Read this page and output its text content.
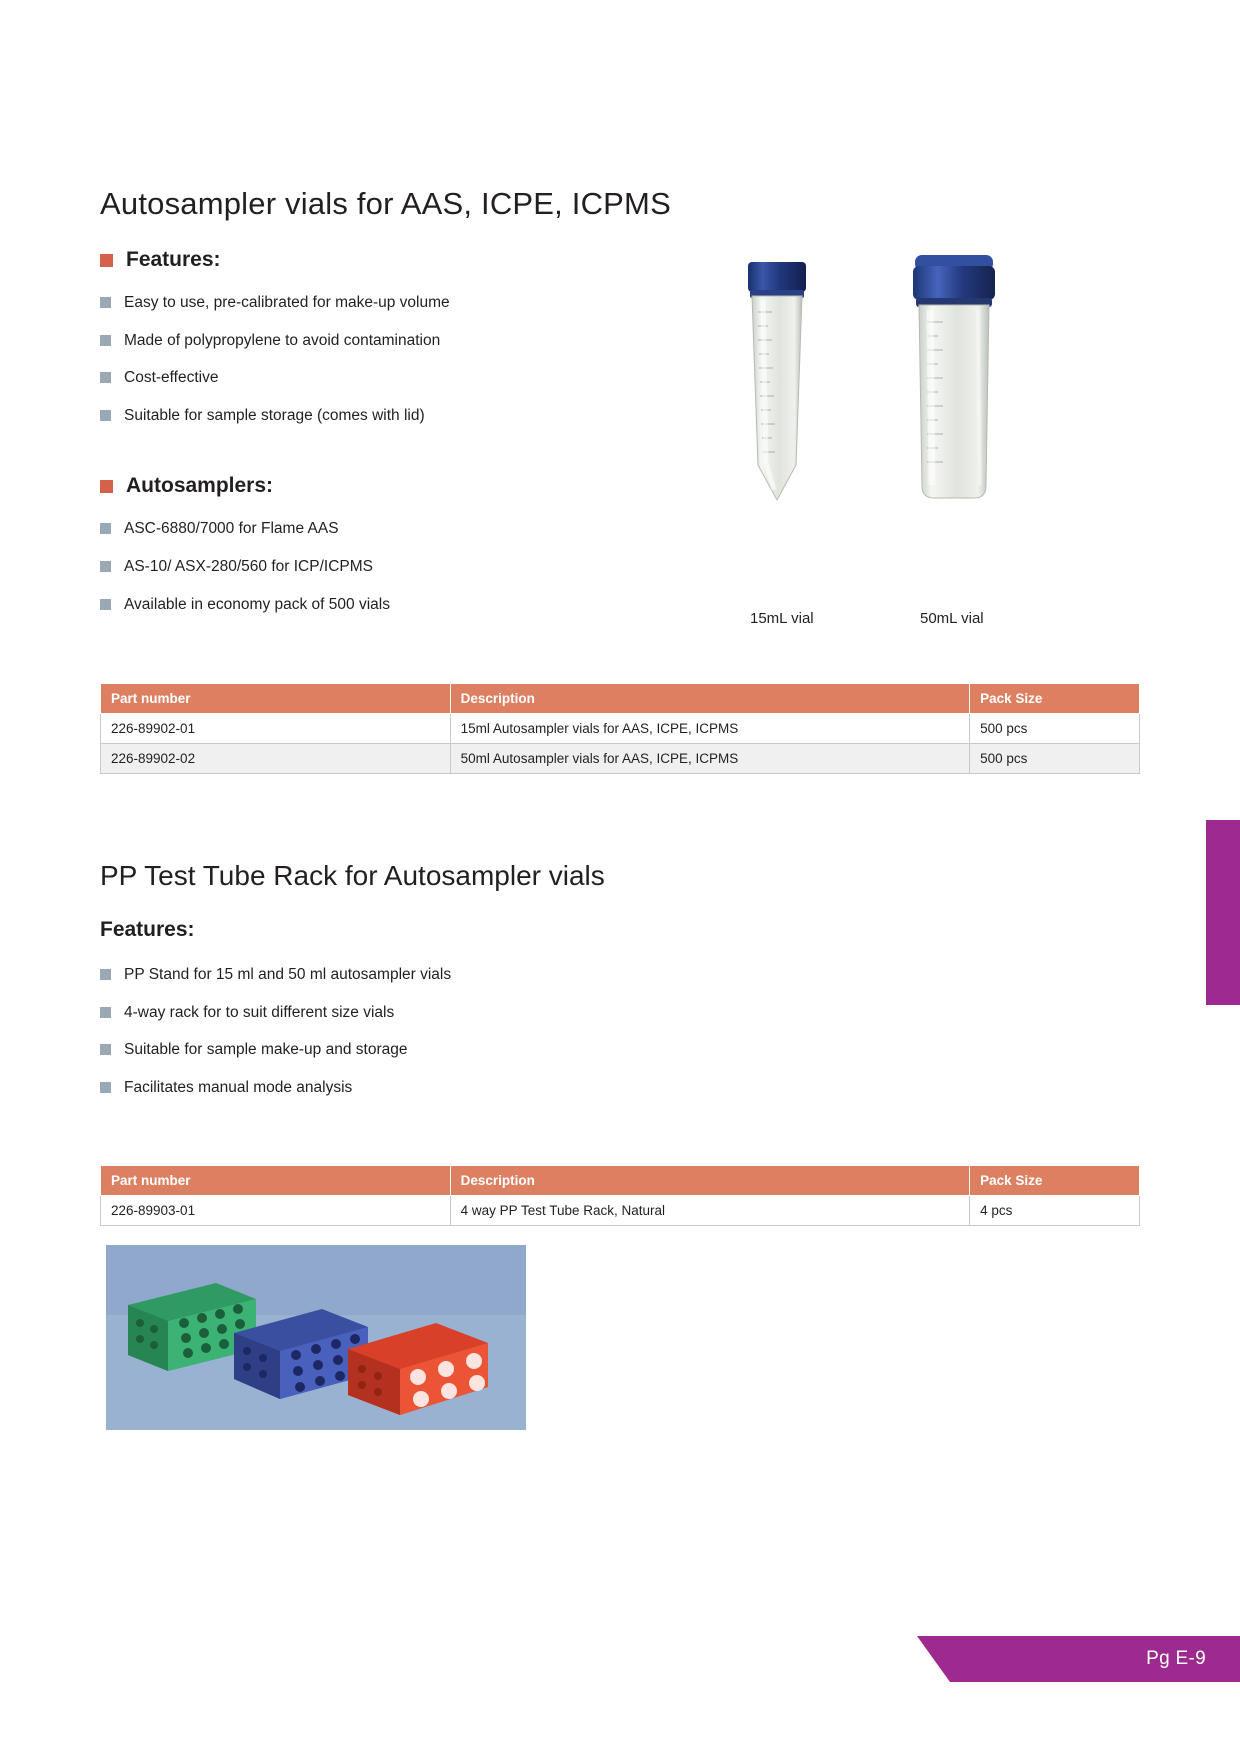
Pg E-9
Autosampler vials for AAS, ICPE, ICPMS
Features:
Easy to use, pre-calibrated for make-up volume
Made of polypropylene to avoid contamination
Cost-effective
Suitable for sample storage (comes with lid)
Autosamplers:
ASC-6880/7000 for Flame AAS
AS-10/ ASX-280/560 for ICP/ICPMS
Available in economy pack of 500 vials
Part number	Description	Pack Size
226-89902-01	15ml Autosampler vials for AAS, ICPE, ICPMS	500 pcs
226-89902-02	50ml Autosampler vials for AAS, ICPE, ICPMS	500 pcs
PP Test Tube Rack for Autosampler vials
Features:
PP Stand for 15 ml and 50 ml autosampler vials
4-way rack for to suit different size vials
Suitable for sample make-up and storage
Facilitates manual mode analysis
Part number	Description	Pack Size
226-89903-01	4 way PP Test Tube Rack, Natural	4 pcs
15mL vial	50mL vial
